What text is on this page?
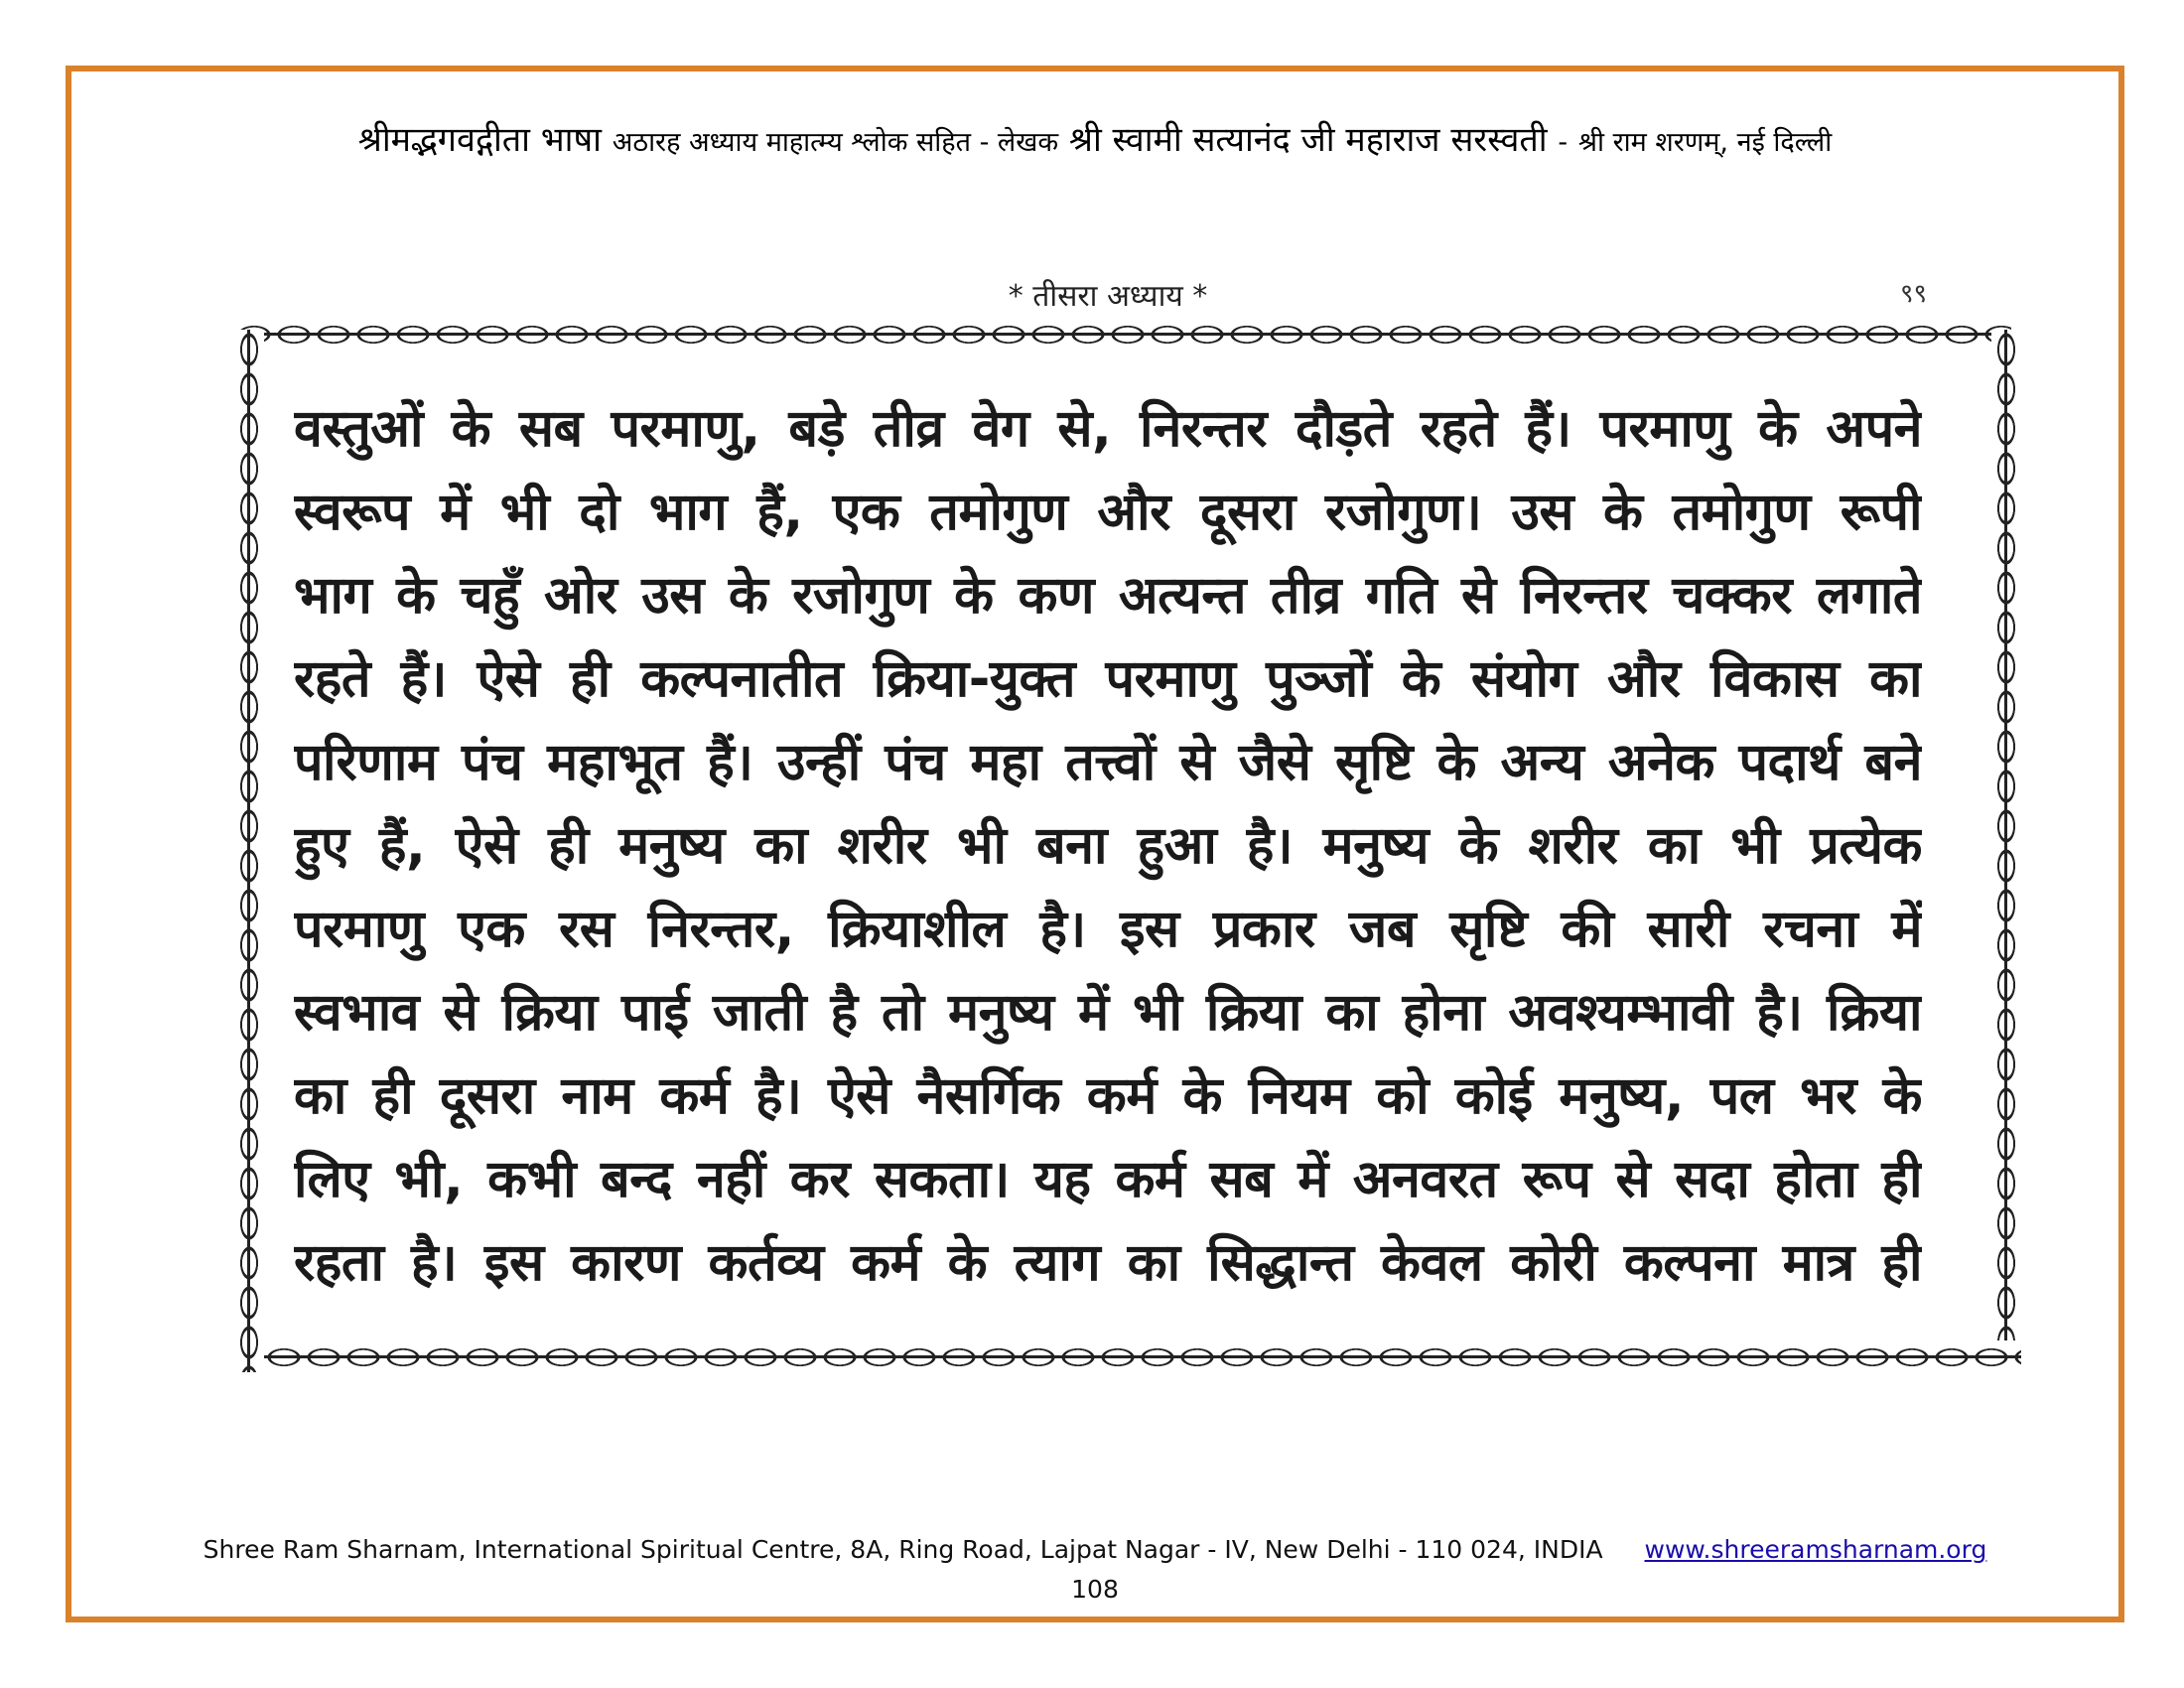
श्रीमद्भगवद्गीता भाषा अठारह अध्याय माहात्म्य श्लोक सहित - लेखक श्री स्वामी सत्यानंद जी महाराज सरस्वती - श्री राम शरणम्, नई दिल्ली
* तीसरा अध्याय *	९९
वस्तुओं के सब परमाणु, बड़े तीव्र वेग से, निरन्तर दौड़ते रहते हैं। परमाणु के अपने
स्वरूप में भी दो भाग हैं, एक तमोगुण और दूसरा रजोगुण। उस के तमोगुण रूपी
भाग के चहुँ ओर उस के रजोगुण के कण अत्यन्त तीव्र गति से निरन्तर चक्कर लगाते
रहते हैं। ऐसे ही कल्पनातीत क्रिया-युक्त परमाणु पुञ्जों के संयोग और विकास का
परिणाम पंच महाभूत हैं। उन्हीं पंच महा तत्त्वों से जैसे सृष्टि के अन्य अनेक पदार्थ बने
हुए हैं, ऐसे ही मनुष्य का शरीर भी बना हुआ है। मनुष्य के शरीर का भी प्रत्येक
परमाणु एक रस निरन्तर, क्रियाशील है। इस प्रकार जब सृष्टि की सारी रचना में
स्वभाव से क्रिया पाई जाती है तो मनुष्य में भी क्रिया का होना अवश्यम्भावी है। क्रिया
का ही दूसरा नाम कर्म है। ऐसे नैसर्गिक कर्म के नियम को कोई मनुष्य, पल भर के
लिए भी, कभी बन्द नहीं कर सकता। यह कर्म सब में अनवरत रूप से सदा होता ही
रहता है। इस कारण कर्तव्य कर्म के त्याग का सिद्धान्त केवल कोरी कल्पना मात्र ही
Shree Ram Sharnam, International Spiritual Centre, 8A, Ring Road, Lajpat Nagar - IV, New Delhi - 110 024, INDIA www.shreeramsharnam.org
108
